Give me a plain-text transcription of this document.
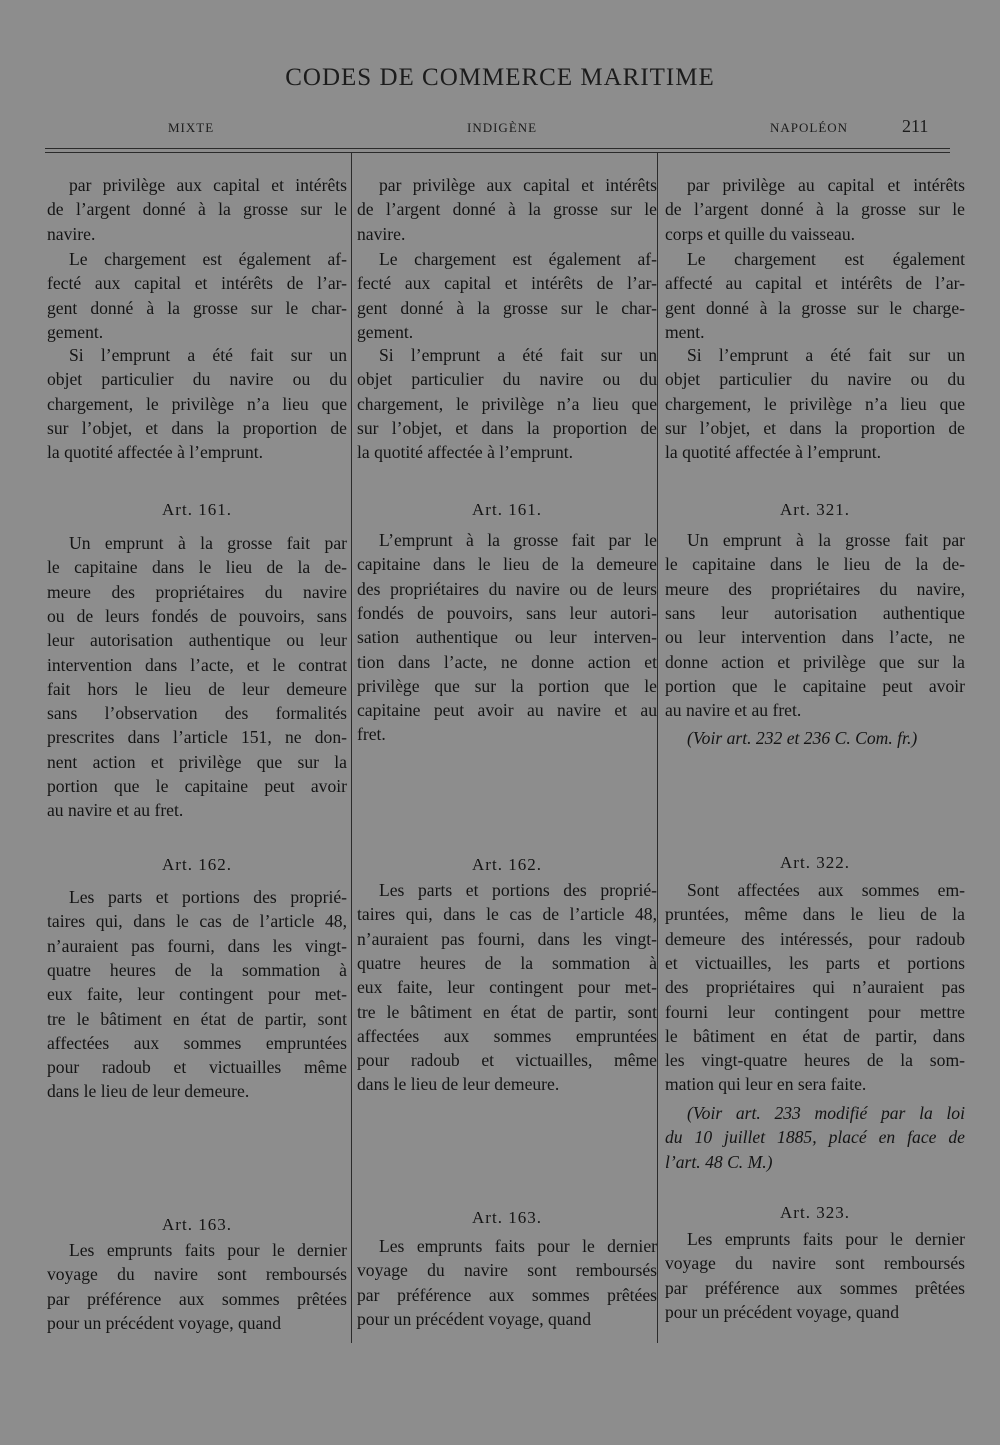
CODES DE COMMERCE MARITIME
MIXTE	INDIGÈNE	NAPOLÉON	211
par privilège aux capital et intérêts
de l’argent donné à la grosse sur le
navire.
Le chargement est également af-
fecté aux capital et intérêts de l’ar-
gent donné à la grosse sur le char-
gement.
Si l’emprunt a été fait sur un
objet particulier du navire ou du
chargement, le privilège n’a lieu que
sur l’objet, et dans la proportion de
la quotité affectée à l’emprunt.
Art. 161.
Un emprunt à la grosse fait par
le capitaine dans le lieu de la de-
meure des propriétaires du navire
ou de leurs fondés de pouvoirs, sans
leur autorisation authentique ou leur
intervention dans l’acte, et le contrat
fait hors le lieu de leur demeure
sans l’observation des formalités
prescrites dans l’article 151, ne don-
nent action et privilège que sur la
portion que le capitaine peut avoir
au navire et au fret.
Art. 162.
Les parts et portions des proprié-
taires qui, dans le cas de l’article 48,
n’auraient pas fourni, dans les vingt-
quatre heures de la sommation à
eux faite, leur contingent pour met-
tre le bâtiment en état de partir, sont
affectées aux sommes empruntées
pour radoub et victuailles même
dans le lieu de leur demeure.
Art. 163.
Les emprunts faits pour le dernier
voyage du navire sont remboursés
par préférence aux sommes prêtées
pour un précédent voyage, quand
par privilège aux capital et intérêts
de l’argent donné à la grosse sur le
navire.
Le chargement est également af-
fecté aux capital et intérêts de l’ar-
gent donné à la grosse sur le char-
gement.
Si l’emprunt a été fait sur un
objet particulier du navire ou du
chargement, le privilège n’a lieu que
sur l’objet, et dans la proportion de
la quotité affectée à l’emprunt.
Art. 161.
L’emprunt à la grosse fait par le
capitaine dans le lieu de la demeure
des propriétaires du navire ou de leurs
fondés de pouvoirs, sans leur autori-
sation authentique ou leur interven-
tion dans l’acte, ne donne action et
privilège que sur la portion que le
capitaine peut avoir au navire et au
fret.
Art. 162.
Les parts et portions des proprié-
taires qui, dans le cas de l’article 48,
n’auraient pas fourni, dans les vingt-
quatre heures de la sommation à
eux faite, leur contingent pour met-
tre le bâtiment en état de partir, sont
affectées aux sommes empruntées
pour radoub et victuailles, même
dans le lieu de leur demeure.
Art. 163.
Les emprunts faits pour le dernier
voyage du navire sont remboursés
par préférence aux sommes prêtées
pour un précédent voyage, quand
par privilège au capital et intérêts
de l’argent donné à la grosse sur le
corps et quille du vaisseau.
Le chargement est également
affecté au capital et intérêts de l’ar-
gent donné à la grosse sur le charge-
ment.
Si l’emprunt a été fait sur un
objet particulier du navire ou du
chargement, le privilège n’a lieu que
sur l’objet, et dans la proportion de
la quotité affectée à l’emprunt.
Art. 321.
Un emprunt à la grosse fait par
le capitaine dans le lieu de la de-
meure des propriétaires du navire,
sans leur autorisation authentique
ou leur intervention dans l’acte, ne
donne action et privilège que sur la
portion que le capitaine peut avoir
au navire et au fret.
(Voir art. 232 et 236 C. Com. fr.)
Art. 322.
Sont affectées aux sommes em-
pruntées, même dans le lieu de la
demeure des intéressés, pour radoub
et victuailles, les parts et portions
des propriétaires qui n’auraient pas
fourni leur contingent pour mettre
le bâtiment en état de partir, dans
les vingt-quatre heures de la som-
mation qui leur en sera faite.
(Voir art. 233 modifié par la loi
du 10 juillet 1885, placé en face de
l’art. 48 C. M.)
Art. 323.
Les emprunts faits pour le dernier
voyage du navire sont remboursés
par préférence aux sommes prêtées
pour un précédent voyage, quand
